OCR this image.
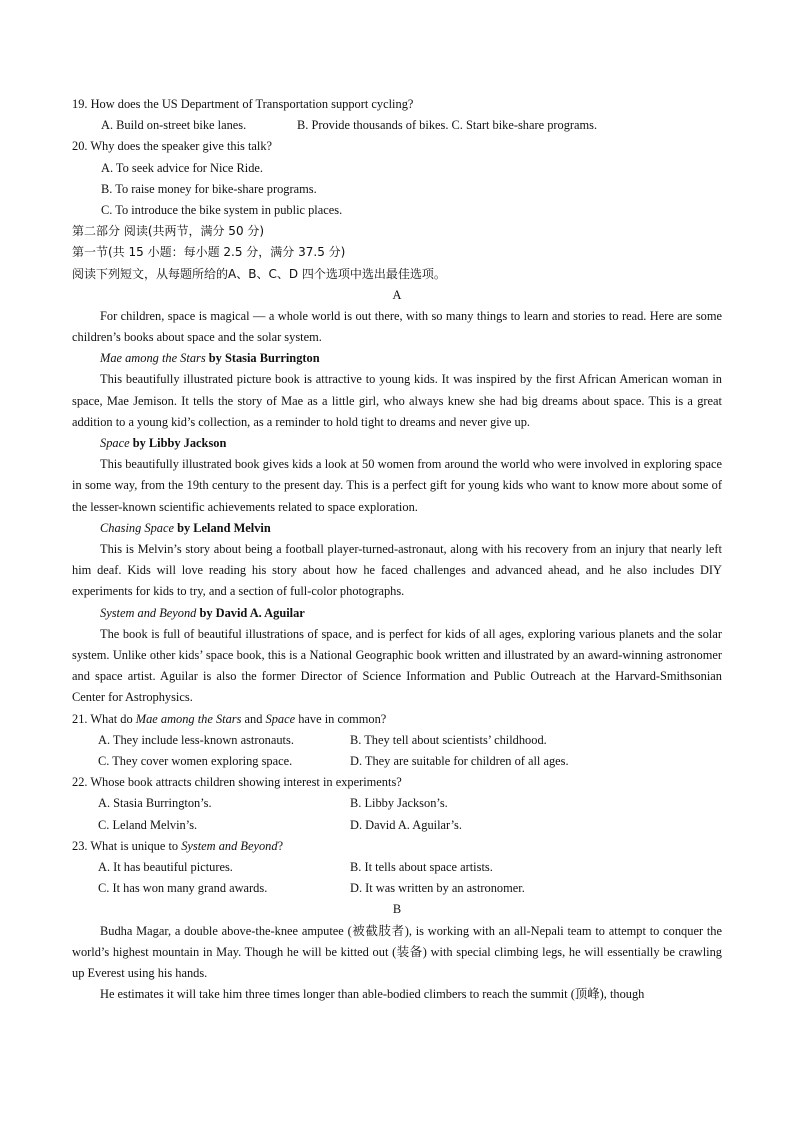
19. How does the US Department of Transportation support cycling?
A. Build on-street bike lanes.	B. Provide thousands of bikes. C. Start bike-share programs.
20. Why does the speaker give this talk?
A. To seek advice for Nice Ride.
B. To raise money for bike-share programs.
C. To introduce the bike system in public places.
第二部分 阅读(共两节，满分 50 分)
第一节(共 15 小题：每小题 2.5 分，满分 37.5 分)
阅读下列短文，从每题所给的A、B、C、D 四个选项中选出最佳选项。
A

For children, space is magical — a whole world is out there, with so many things to learn and stories to read. Here are some children’s books about space and the solar system.

Mae among the Stars by Stasia Burrington

This beautifully illustrated picture book is attractive to young kids. It was inspired by the first African American woman in space, Mae Jemison. It tells the story of Mae as a little girl, who always knew she had big dreams about space. This is a great addition to a young kid’s collection, as a reminder to hold tight to dreams and never give up.

Space by Libby Jackson

This beautifully illustrated book gives kids a look at 50 women from around the world who were involved in exploring space in some way, from the 19th century to the present day. This is a perfect gift for young kids who want to know more about some of the lesser-known scientific achievements related to space exploration.

Chasing Space by Leland Melvin

This is Melvin’s story about being a football player-turned-astronaut, along with his recovery from an injury that nearly left him deaf. Kids will love reading his story about how he faced challenges and advanced ahead, and he also includes DIY experiments for kids to try, and a section of full-color photographs.

System and Beyond by David A. Aguilar

The book is full of beautiful illustrations of space, and is perfect for kids of all ages, exploring various planets and the solar system. Unlike other kids’ space book, this is a National Geographic book written and illustrated by an award-winning astronomer and space artist. Aguilar is also the former Director of Science Information and Public Outreach at the Harvard-Smithsonian Center for Astrophysics.

21. What do Mae among the Stars and Space have in common?
A. They include less-known astronauts.	B. They tell about scientists’ childhood.
C. They cover women exploring space.	D. They are suitable for children of all ages.
22. Whose book attracts children showing interest in experiments?
A. Stasia Burrington’s.	B. Libby Jackson’s.
C. Leland Melvin’s.	D. David A. Aguilar’s.
23. What is unique to System and Beyond?
A. It has beautiful pictures.	B. It tells about space artists.
C. It has won many grand awards.	D. It was written by an astronomer.
B

Budha Magar, a double above-the-knee amputee (被截肢者), is working with an all-Nepali team to attempt to conquer the world’s highest mountain in May. Though he will be kitted out (装备) with special climbing legs, he will essentially be crawling up Everest using his hands.

He estimates it will take him three times longer than able-bodied climbers to reach the summit (顶峰), though
